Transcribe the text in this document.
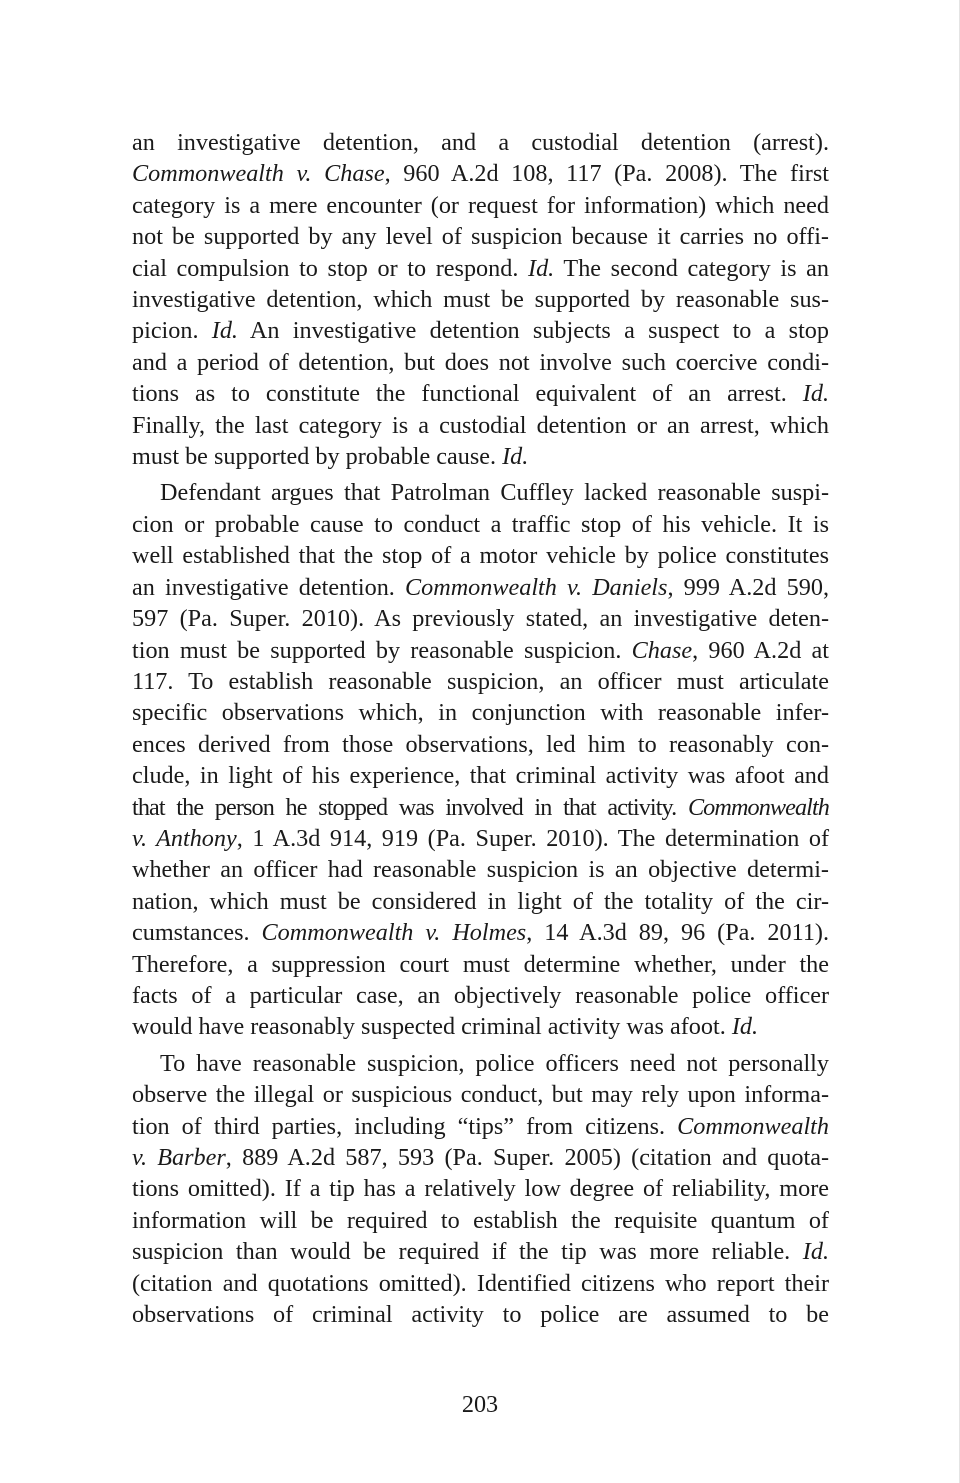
an investigative detention, and a custodial detention (arrest).
Commonwealth v. Chase, 960 A.2d 108, 117 (Pa. 2008). The first
category is a mere encounter (or request for information) which need
not be supported by any level of suspicion because it carries no offi-
cial compulsion to stop or to respond. Id. The second category is an
investigative detention, which must be supported by reasonable sus-
picion. Id. An investigative detention subjects a suspect to a stop
and a period of detention, but does not involve such coercive condi-
tions as to constitute the functional equivalent of an arrest. Id.
Finally, the last category is a custodial detention or an arrest, which
must be supported by probable cause. Id.

Defendant argues that Patrolman Cuffley lacked reasonable suspi-
cion or probable cause to conduct a traffic stop of his vehicle. It is
well established that the stop of a motor vehicle by police constitutes
an investigative detention. Commonwealth v. Daniels, 999 A.2d 590,
597 (Pa. Super. 2010). As previously stated, an investigative deten-
tion must be supported by reasonable suspicion. Chase, 960 A.2d at
117. To establish reasonable suspicion, an officer must articulate
specific observations which, in conjunction with reasonable infer-
ences derived from those observations, led him to reasonably con-
clude, in light of his experience, that criminal activity was afoot and
that the person he stopped was involved in that activity. Commonwealth
v. Anthony, 1 A.3d 914, 919 (Pa. Super. 2010). The determination of
whether an officer had reasonable suspicion is an objective determi-
nation, which must be considered in light of the totality of the cir-
cumstances. Commonwealth v. Holmes, 14 A.3d 89, 96 (Pa. 2011).
Therefore, a suppression court must determine whether, under the
facts of a particular case, an objectively reasonable police officer
would have reasonably suspected criminal activity was afoot. Id.

To have reasonable suspicion, police officers need not personally
observe the illegal or suspicious conduct, but may rely upon informa-
tion of third parties, including “tips” from citizens. Commonwealth
v. Barber, 889 A.2d 587, 593 (Pa. Super. 2005) (citation and quota-
tions omitted). If a tip has a relatively low degree of reliability, more
information will be required to establish the requisite quantum of
suspicion than would be required if the tip was more reliable. Id.
(citation and quotations omitted). Identified citizens who report their
observations of criminal activity to police are assumed to be

203
